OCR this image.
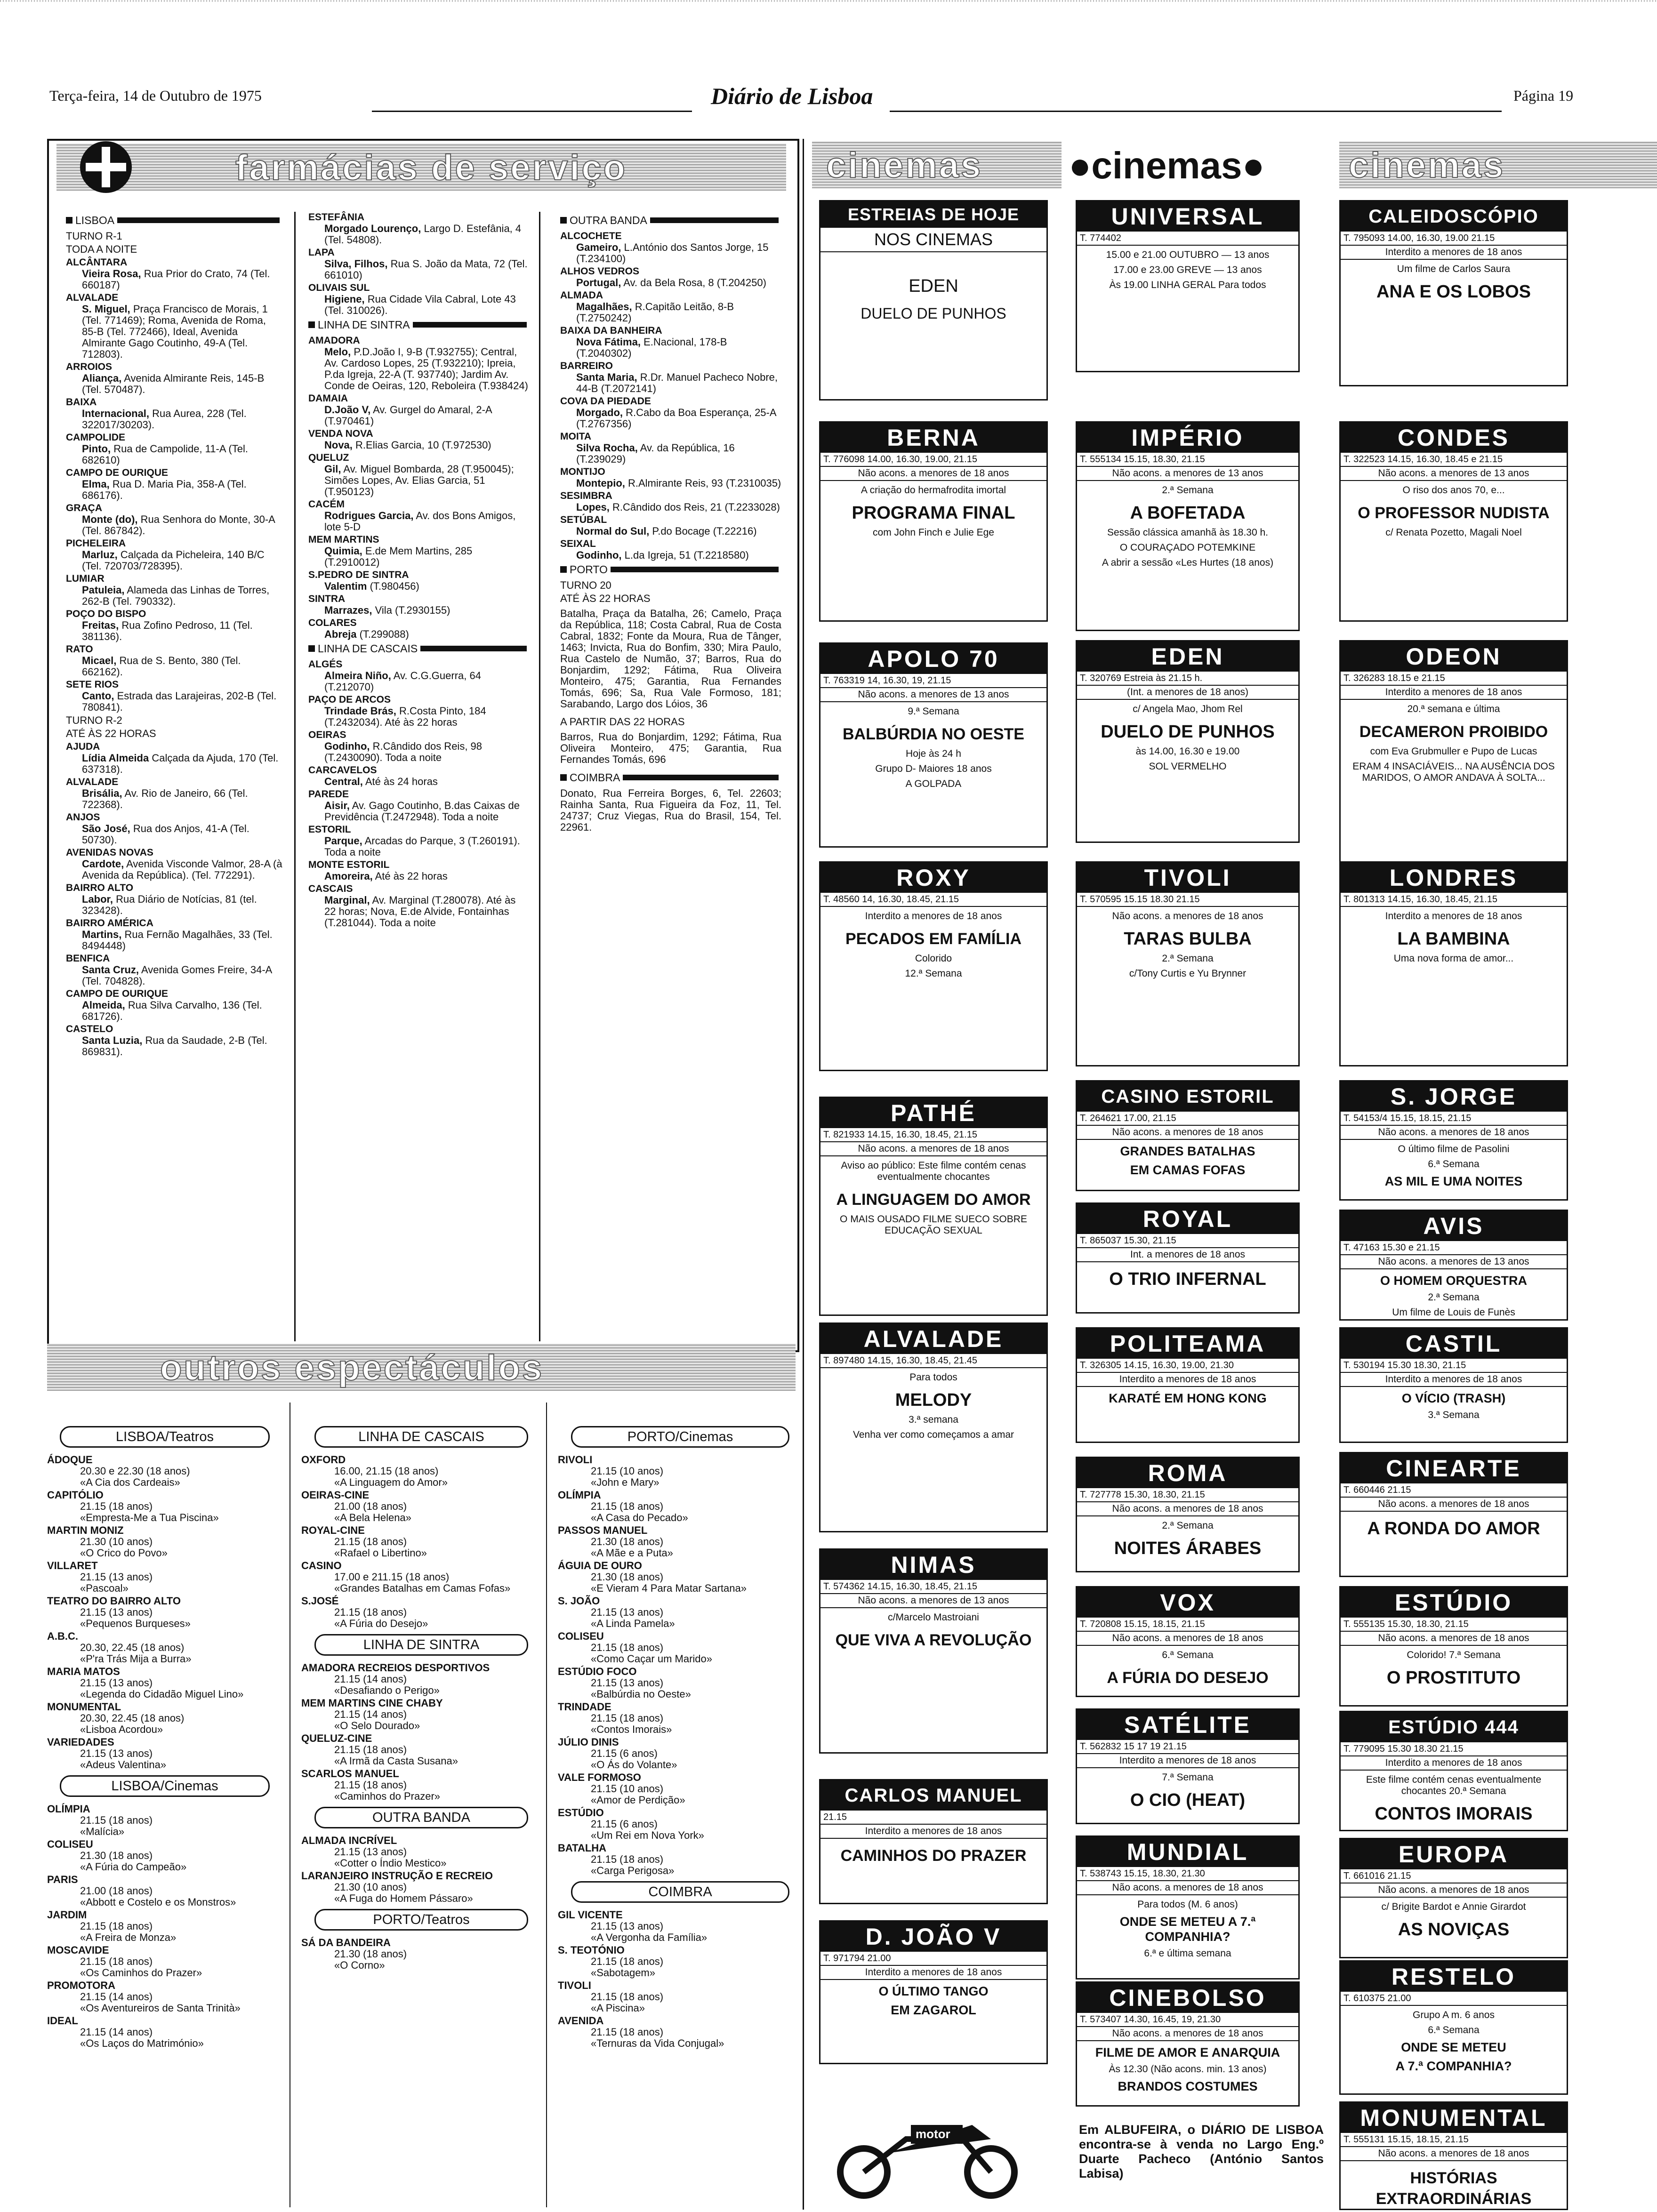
Terça-feira, 14 de Outubro de 1975	Diário de Lisboa	Página 19
farmácias de serviço
LISBOA
TURNO R-1
TODA A NOITE
ALCÂNTARA
Vieira Rosa, Rua Prior do Crato, 74 (Tel. 660187)
ALVALADE
S. Miguel, Praça Francisco de Morais, 1 (Tel. 771469); Roma, Avenida de Roma, 85-B (Tel. 772466), Ideal, Avenida Almirante Gago Coutinho, 49-A (Tel. 712803).
ARROIOS
Aliança, Avenida Almirante Reis, 145-B (Tel. 570487).
BAIXA
Internacional, Rua Aurea, 228 (Tel. 322017/30203).
CAMPOLIDE
Pinto, Rua de Campolide, 11-A (Tel. 682610)
CAMPO DE OURIQUE
Elma, Rua D. Maria Pia, 358-A (Tel. 686176).
GRAÇA
Monte (do), Rua Senhora do Monte, 30-A (Tel. 867842).
PICHELEIRA
Marluz, Calçada da Picheleira, 140 B/C (Tel. 720703/728395).
LUMIAR
Patuleia, Alameda das Linhas de Torres, 262-B (Tel. 790332).
POÇO DO BISPO
Freitas, Rua Zofino Pedroso, 11 (Tel. 381136).
RATO
Micael, Rua de S. Bento, 380 (Tel. 662162).
SETE RIOS
Canto, Estrada das Larajeiras, 202-B (Tel. 780841).
TURNO R-2
ATÉ ÀS 22 HORAS
AJUDA
Lídia Almeida Calçada da Ajuda, 170 (Tel. 637318).
ALVALADE
Brisália, Av. Rio de Janeiro, 66 (Tel. 722368).
ANJOS
São José, Rua dos Anjos, 41-A (Tel. 50730).
AVENIDAS NOVAS
Cardote, Avenida Visconde Valmor, 28-A (à Avenida da República). (Tel. 772291).
BAIRRO ALTO
Labor, Rua Diário de Notícias, 81 (tel. 323428).
BAIRRO AMÉRICA
Martins, Rua Fernão Magalhães, 33 (Tel. 8494448)
BENFICA
Santa Cruz, Avenida Gomes Freire, 34-A (Tel. 704828).
CAMPO DE OURIQUE
Almeida, Rua Silva Carvalho, 136 (Tel. 681726).
CASTELO
Santa Luzia, Rua da Saudade, 2-B (Tel. 869831).
ESTEFÂNIA
Morgado Lourenço, Largo D. Estefânia, 4 (Tel. 54808).
LAPA
Silva, Filhos, Rua S. João da Mata, 72 (Tel. 661010)
OLIVAIS SUL
Higiene, Rua Cidade Vila Cabral, Lote 43 (Tel. 310026).
LINHA DE SINTRA
AMADORA
Melo, P.D.João I, 9-B (T.932755); Central, Av. Cardoso Lopes, 25 (T.932210); Ipreia, P.da Igreja, 22-A (T. 937740); Jardim Av. Conde de Oeiras, 120, Reboleira (T.938424)
DAMAIA
D.João V, Av. Gurgel do Amaral, 2-A (T.970461)
VENDA NOVA
Nova, R.Elias Garcia, 10 (T.972530)
QUELUZ
Gil, Av. Miguel Bombarda, 28 (T.950045); Simões Lopes, Av. Elias Garcia, 51 (T.950123)
CACÉM
Rodrigues Garcia, Av. dos Bons Amigos, lote 5-D
MEM MARTINS
Quimia, E.de Mem Martins, 285 (T.2910012)
S.PEDRO DE SINTRA
Valentim (T.980456)
SINTRA
Marrazes, Vila (T.2930155)
COLARES
Abreja (T.299088)
LINHA DE CASCAIS
ALGÉS
Almeira Niño, Av. C.G.Guerra, 64 (T.212070)
PAÇO DE ARCOS
Trindade Brás, R.Costa Pinto, 184 (T.2432034). Até às 22 horas
OEIRAS
Godinho, R.Cândido dos Reis, 98 (T.2430090). Toda a noite
CARCAVELOS
Central, Até às 24 horas
PAREDE
Aisir, Av. Gago Coutinho, B.das Caixas de Previdência (T.2472948). Toda a noite
ESTORIL
Parque, Arcadas do Parque, 3 (T.260191). Toda a noite
MONTE ESTORIL
Amoreira, Até às 22 horas
CASCAIS
Marginal, Av. Marginal (T.280078). Até às 22 horas; Nova, E.de Alvide, Fontainhas (T.281044). Toda a noite
OUTRA BANDA
ALCOCHETE
Gameiro, L.António dos Santos Jorge, 15 (T.234100)
ALHOS VEDROS
Portugal, Av. da Bela Rosa, 8 (T.204250)
ALMADA
Magalhães, R.Capitão Leitão, 8-B (T.2750242)
BAIXA DA BANHEIRA
Nova Fátima, E.Nacional, 178-B (T.2040302)
BARREIRO
Santa Maria, R.Dr. Manuel Pacheco Nobre, 44-B (T.2072141)
COVA DA PIEDADE
Morgado, R.Cabo da Boa Esperança, 25-A (T.2767356)
MOITA
Silva Rocha, Av. da República, 16 (T.239029)
MONTIJO
Montepio, R.Almirante Reis, 93 (T.2310035)
SESIMBRA
Lopes, R.Cândido dos Reis, 21 (T.2233028)
SETÚBAL
Normal do Sul, P.do Bocage (T.22216)
SEIXAL
Godinho, L.da Igreja, 51 (T.2218580)
PORTO
TURNO 20
ATÉ ÀS 22 HORAS
Batalha, Praça da Batalha, 26; Camelo, Praça da República, 118; Costa Cabral, Rua de Costa Cabral, 1832; Fonte da Moura, Rua de Tânger, 1463; Invicta, Rua do Bonfim, 330; Mira Paulo, Rua Castelo de Numão, 37; Barros, Rua do Bonjardim, 1292; Fátima, Rua Oliveira Monteiro, 475; Garantia, Rua Fernandes Tomás, 696; Sa, Rua Vale Formoso, 181; Sarabando, Largo dos Lóios, 36
A PARTIR DAS 22 HORAS
Barros, Rua do Bonjardim, 1292; Fátima, Rua Oliveira Monteiro, 475; Garantia, Rua Fernandes Tomás, 696
COIMBRA
Donato, Rua Ferreira Borges, 6, Tel. 22603; Rainha Santa, Rua Figueira da Foz, 11, Tel. 24737; Cruz Viegas, Rua do Brasil, 154, Tel. 22961.
outros espectáculos
LISBOA/Teatros
ÁDOQUE
20.30 e 22.30 (18 anos)
«A Cia dos Cardeais»
CAPITÓLIO
21.15 (18 anos)
«Empresta-Me a Tua Piscina»
MARTIN MONIZ
21.30 (10 anos)
«O Crico do Povo»
VILLARET
21.15 (13 anos)
«Pascoal»
TEATRO DO BAIRRO ALTO
21.15 (13 anos)
«Pequenos Burqueses»
A.B.C.
20.30, 22.45 (18 anos)
«P'ra Trás Mija a Burra»
MARIA MATOS
21.15 (13 anos)
«Legenda do Cidadão Miguel Lino»
MONUMENTAL
20.30, 22.45 (18 anos)
«Lisboa Acordou»
VARIEDADES
21.15 (13 anos)
«Adeus Valentina»
LISBOA/Cinemas
OLÍMPIA
21.15 (18 anos)
«Malícia»
COLISEU
21.30 (18 anos)
«A Fúria do Campeão»
PARIS
21.00 (18 anos)
«Abbott e Costelo e os Monstros»
JARDIM
21.15 (18 anos)
«A Freira de Monza»
MOSCAVIDE
21.15 (18 anos)
«Os Caminhos do Prazer»
PROMOTORA
21.15 (14 anos)
«Os Aventureiros de Santa Trinità»
IDEAL
21.15 (14 anos)
«Os Laços do Matrimónio»
LINHA DE CASCAIS
OXFORD
16.00, 21.15 (18 anos)
«A Linguagem do Amor»
OEIRAS-CINE
21.00 (18 anos)
«A Bela Helena»
ROYAL-CINE
21.15 (18 anos)
«Rafael o Libertino»
CASINO
17.00 e 211.15 (18 anos)
«Grandes Batalhas em Camas Fofas»
S.JOSÉ
21.15 (18 anos)
«A Fúria do Desejo»
LINHA DE SINTRA
AMADORA RECREIOS DESPORTIVOS
21.15 (14 anos)
«Desafiando o Perigo»
MEM MARTINS CINE CHABY
21.15 (14 anos)
«O Selo Dourado»
QUELUZ-CINE
21.15 (18 anos)
«A Irmã da Casta Susana»
SCARLOS MANUEL
21.15 (18 anos)
«Caminhos do Prazer»
OUTRA BANDA
ALMADA INCRÍVEL
21.15 (13 anos)
«Cotter o Índio Mestico»
LARANJEIRO INSTRUÇÃO E RECREIO
21.30 (10 anos)
«A Fuga do Homem Pássaro»
PORTO/Teatros
SÁ DA BANDEIRA
21.30 (18 anos)
«O Corno»
PORTO/Cinemas
RIVOLI
21.15 (10 anos)
«John e Mary»
OLÍMPIA
21.15 (18 anos)
«A Casa do Pecado»
PASSOS MANUEL
21.30 (18 anos)
«A Mãe e a Puta»
ÁGUIA DE OURO
21.30 (18 anos)
«E Vieram 4 Para Matar Sartana»
S. JOÃO
21.15 (13 anos)
«A Linda Pamela»
COLISEU
21.15 (18 anos)
«Como Caçar um Marido»
ESTÚDIO FOCO
21.15 (13 anos)
«Balbúrdia no Oeste»
TRINDADE
21.15 (18 anos)
«Contos Imorais»
JÚLIO DINIS
21.15 (6 anos)
«O Ás do Volante»
VALE FORMOSO
21.15 (10 anos)
«Amor de Perdição»
ESTÚDIO
21.15 (6 anos)
«Um Rei em Nova York»
BATALHA
21.15 (18 anos)
«Carga Perigosa»
COIMBRA
GIL VICENTE
21.15 (13 anos)
«A Vergonha da Família»
S. TEOTÓNIO
21.15 (18 anos)
«Sabotagem»
TIVOLI
21.15 (18 anos)
«A Piscina»
AVENIDA
21.15 (18 anos)
«Ternuras da Vida Conjugal»
cinemas ●cinemas● cinemas
ESTREIAS DE HOJE
NOS CINEMAS
EDEN
DUELO DE PUNHOS
UNIVERSAL
T. 774402
15.00 e 21.00 OUTUBRO — 13 anos
17.00 e 23.00 GREVE — 13 anos
Às 19.00 LINHA GERAL Para todos
CALEIDOSCÓPIO
T. 795093 14.00, 16.30, 19.00 21.15
Interdito a menores de 18 anos
Um filme de Carlos Saura
ANA E OS LOBOS
BERNA
T. 776098 14.00, 16.30, 19.00, 21.15
Não acons. a menores de 18 anos
A criação do hermafrodita imortal
PROGRAMA FINAL
com John Finch e Julie Ege
IMPÉRIO
T. 555134 15.15, 18.30, 21.15
Não acons. a menores de 13 anos
2.ª Semana
A BOFETADA
Sessão clássica amanhã às 18.30 h.
O COURAÇADO POTEMKINE
A abrir a sessão «Les Hurtes (18 anos)
CONDES
T. 322523 14.15, 16.30, 18.45 e 21.15
Não acons. a menores de 13 anos
O riso dos anos 70, e...
O PROFESSOR NUDISTA
c/ Renata Pozetto, Magali Noel
APOLO 70
T. 763319 14, 16.30, 19, 21.15
Não acons. a menores de 13 anos
9.ª Semana
BALBÚRDIA NO OESTE
Hoje às 24 h
Grupo D- Maiores 18 anos
A GOLPADA
EDEN
T. 320769 Estreia às 21.15 h.
(Int. a menores de 18 anos)
c/ Angela Mao, Jhom Rel
DUELO DE PUNHOS
às 14.00, 16.30 e 19.00
SOL VERMELHO
ODEON
T. 326283 18.15 e 21.15
Interdito a menores de 18 anos
20.ª semana e última
DECAMERON PROIBIDO
com Eva Grubmuller e Pupo de Lucas
ERAM 4 INSACIÁVEIS... NA AUSÊNCIA DOS MARIDOS, O AMOR ANDAVA À SOLTA...
ROXY
T. 48560 14, 16.30, 18.45, 21.15
Interdito a menores de 18 anos
PECADOS EM FAMÍLIA
Colorido
12.ª Semana
TIVOLI
T. 570595 15.15 18.30 21.15
Não acons. a menores de 18 anos
TARAS BULBA
2.ª Semana
c/Tony Curtis e Yu Brynner
LONDRES
T. 801313 14.15, 16.30, 18.45, 21.15
Interdito a menores de 18 anos
LA BAMBINA
Uma nova forma de amor...
PATHÉ
T. 821933 14.15, 16.30, 18.45, 21.15
Não acons. a menores de 18 anos
Aviso ao público: Este filme contém cenas eventualmente chocantes
A LINGUAGEM DO AMOR
O MAIS OUSADO FILME SUECO SOBRE EDUCAÇÃO SEXUAL
CASINO ESTORIL
T. 264621 17.00, 21.15
Não acons. a menores de 18 anos
GRANDES BATALHAS
EM CAMAS FOFAS
S. JORGE
T. 54153/4 15.15, 18.15, 21.15
Não acons. a menores de 18 anos
O último filme de Pasolini
6.ª Semana
AS MIL E UMA NOITES
ROYAL
T. 865037 15.30, 21.15
Int. a menores de 18 anos
O TRIO INFERNAL
AVIS
T. 47163 15.30 e 21.15
Não acons. a menores de 13 anos
O HOMEM ORQUESTRA
2.ª Semana
Um filme de Louis de Funès
ALVALADE
T. 897480 14.15, 16.30, 18.45, 21.45
Para todos
MELODY
3.ª semana
Venha ver como começamos a amar
POLITEAMA
T. 326305 14.15, 16.30, 19.00, 21.30
Interdito a menores de 18 anos
KARATÉ EM HONG KONG
CASTIL
T. 530194 15.30 18.30, 21.15
Interdito a menores de 18 anos
O VÍCIO (TRASH)
3.ª Semana
ROMA
T. 727778 15.30, 18.30, 21.15
Não acons. a menores de 18 anos
2.ª Semana
NOITES ÁRABES
CINEARTE
T. 660446 21.15
Não acons. a menores de 18 anos
A RONDA DO AMOR
NIMAS
T. 574362 14.15, 16.30, 18.45, 21.15
Não acons. a menores de 13 anos
c/Marcelo Mastroiani
QUE VIVA A REVOLUÇÃO
VOX
T. 720808 15.15, 18.15, 21.15
Não acons. a menores de 18 anos
6.ª Semana
A FÚRIA DO DESEJO
ESTÚDIO
T. 555135 15.30, 18.30, 21.15
Não acons. a menores de 18 anos
Colorido! 7.ª Semana
O PROSTITUTO
SATÉLITE
T. 562832 15 17 19 21.15
Interdito a menores de 18 anos
7.ª Semana
O CIO (HEAT)
ESTÚDIO 444
T. 779095 15.30 18.30 21.15
Interdito a menores de 18 anos
Este filme contém cenas eventualmente chocantes 20.ª Semana
CONTOS IMORAIS
CARLOS MANUEL
21.15
Interdito a menores de 18 anos
CAMINHOS DO PRAZER	MUNDIAL
T. 538743 15.15, 18.30, 21.30
Não acons. a menores de 18 anos
Para todos (M. 6 anos)
ONDE SE METEU A 7.ª COMPANHIA?
6.ª e última semana
EUROPA
T. 661016 21.15
Não acons. a menores de 18 anos
c/ Brigite Bardot e Annie Girardot
AS NOVIÇAS
D. JOÃO V
T. 971794 21.00
Interdito a menores de 18 anos
O ÚLTIMO TANGO
EM ZAGAROL	CINEBOLSO
T. 573407 14.30, 16.45, 19, 21.30
Não acons. a menores de 18 anos
FILME DE AMOR E ANARQUIA
Às 12.30 (Não acons. min. 13 anos)
BRANDOS COSTUMES
RESTELO
T. 610375 21.00
Grupo A m. 6 anos
6.ª Semana
ONDE SE METEU
A 7.ª COMPANHIA?
MONUMENTAL
T. 555131 15.15, 18.15, 21.15
Não acons. a menores de 18 anos
HISTÓRIAS EXTRAORDINÁRIAS
Em ALBUFEIRA, o DIÁRIO DE LISBOA encontra-se à venda no Largo Eng.º Duarte Pacheco (António Santos Labisa)
motor
